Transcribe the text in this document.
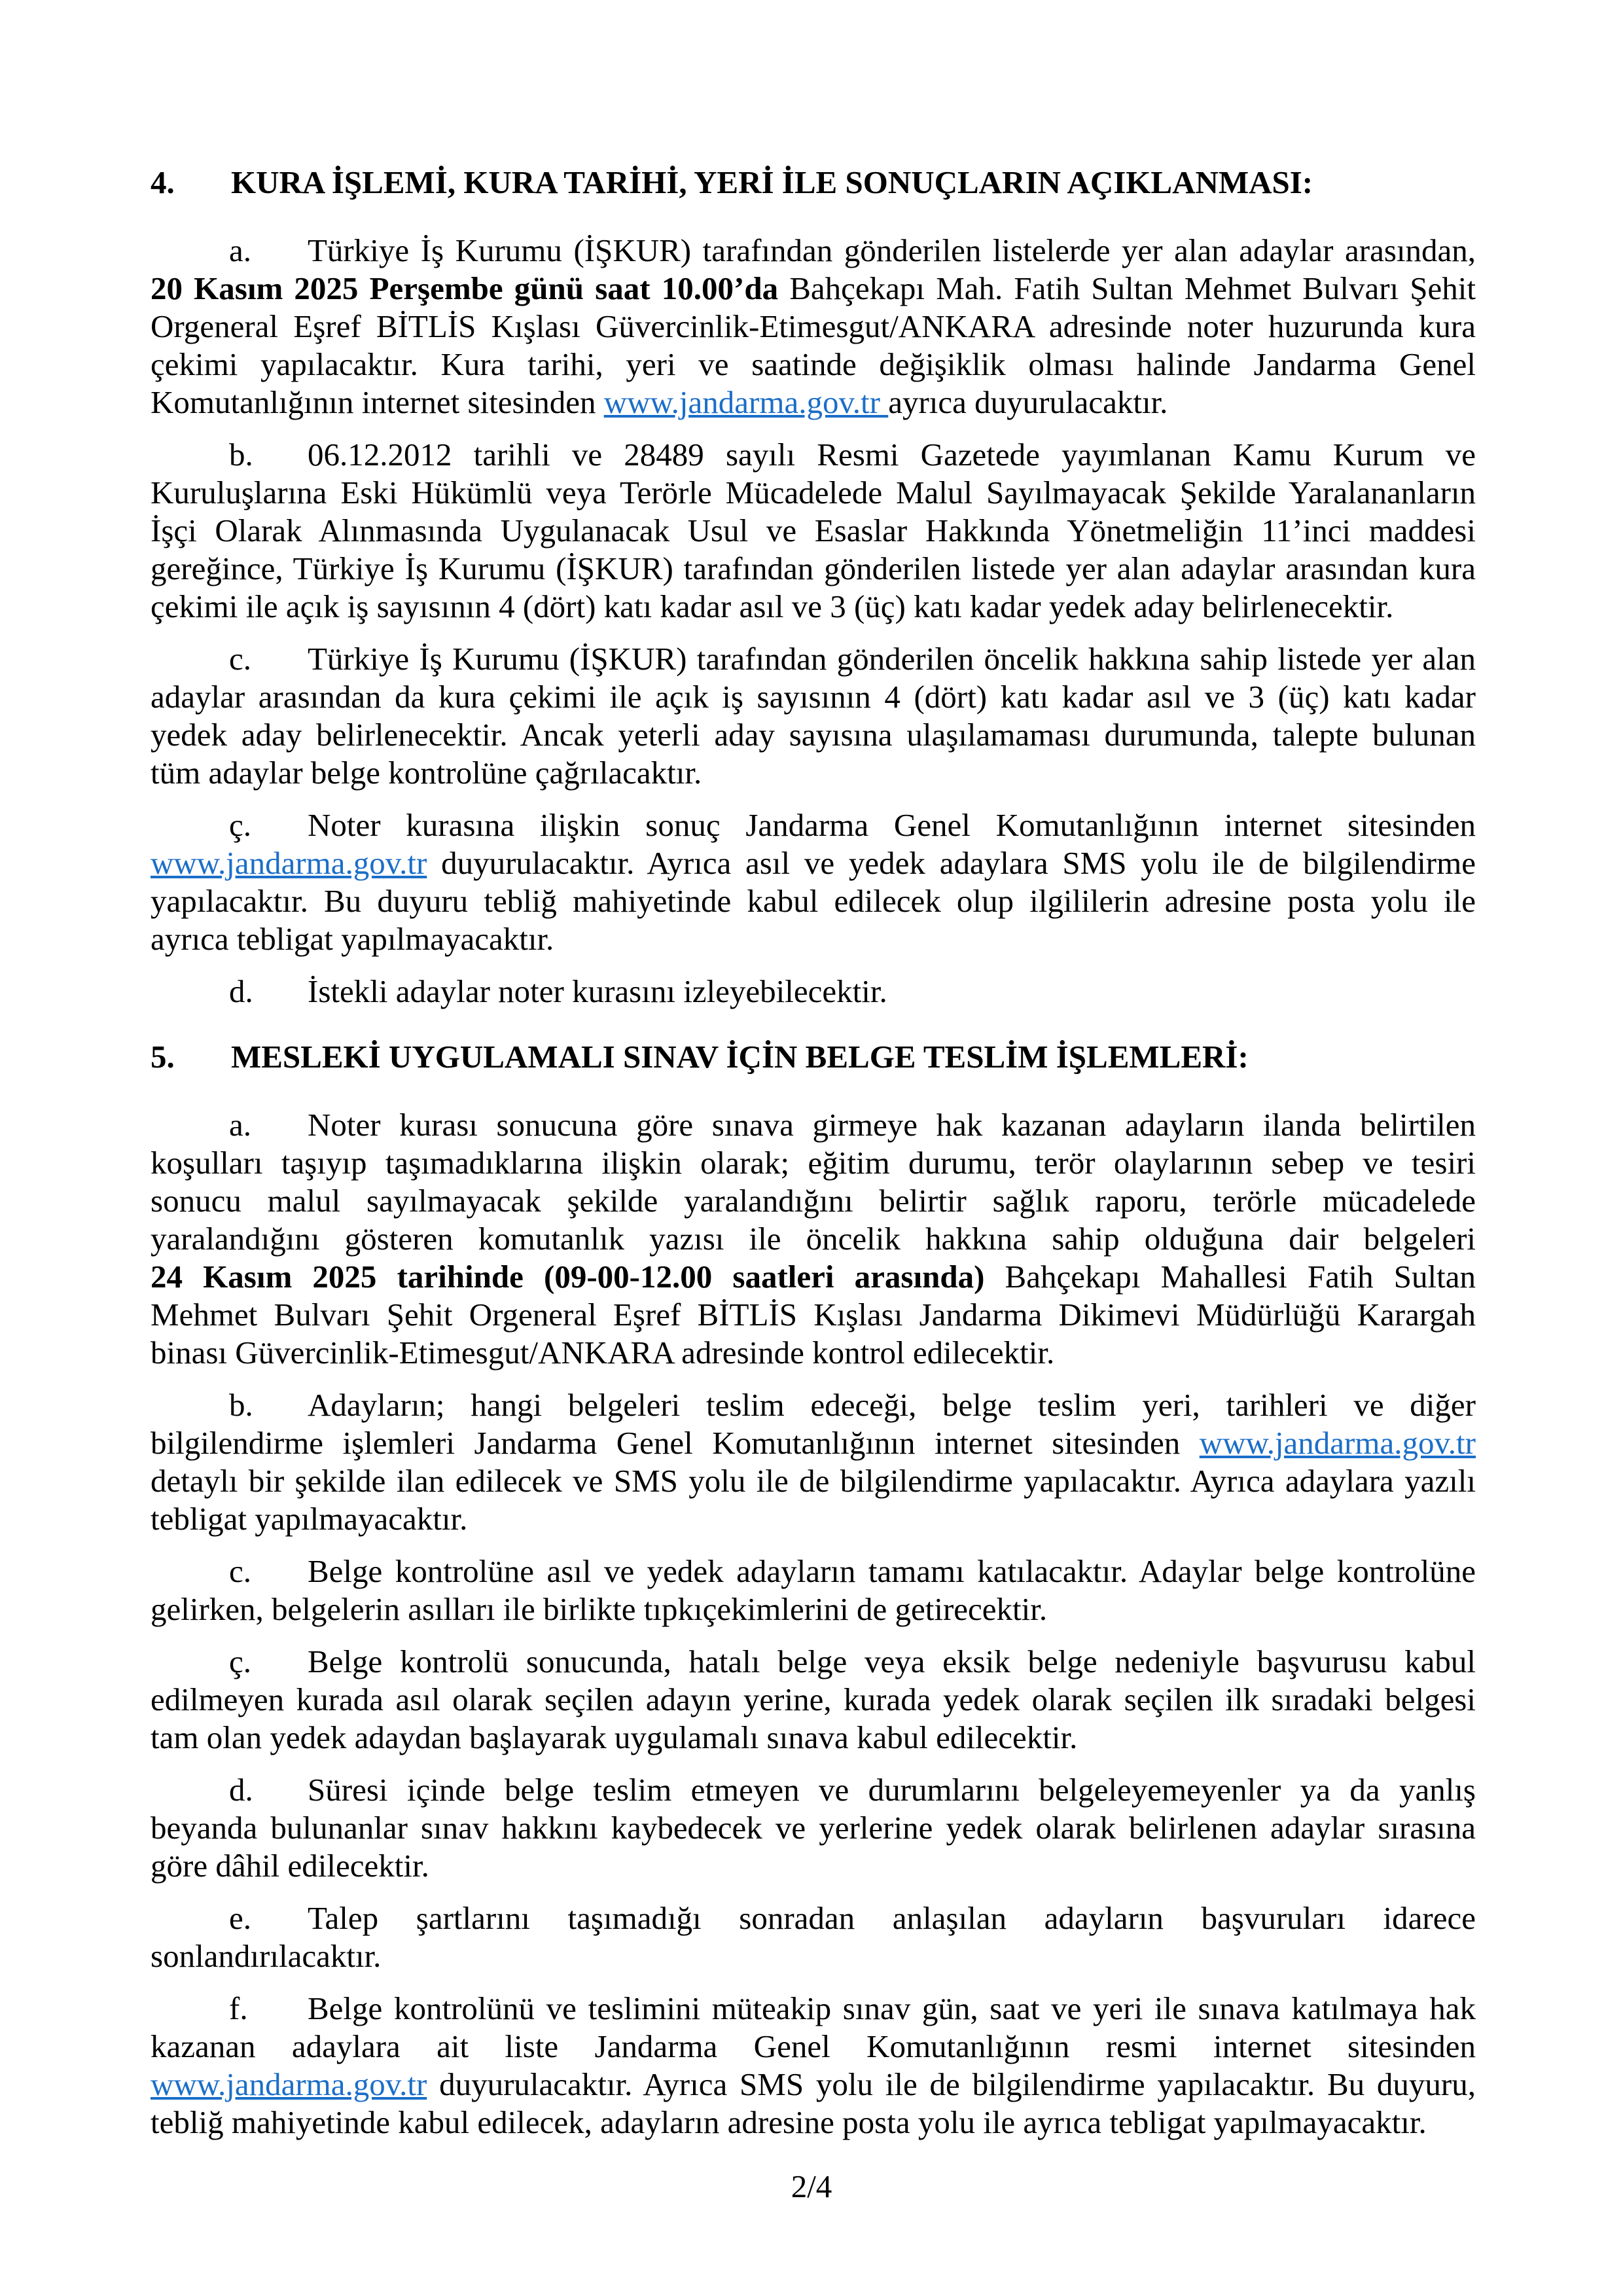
4. KURA İŞLEMİ, KURA TARİHİ, YERİ İLE SONUÇLARIN AÇIKLANMASI:
a. Türkiye İş Kurumu (İŞKUR) tarafından gönderilen listelerde yer alan adaylar arasından,
20 Kasım 2025 Perşembe günü saat 10.00’da Bahçekapı Mah. Fatih Sultan Mehmet Bulvarı Şehit
Orgeneral Eşref BİTLİS Kışlası Güvercinlik-Etimesgut/ANKARA adresinde noter huzurunda kura
çekimi yapılacaktır. Kura tarihi, yeri ve saatinde değişiklik olması halinde Jandarma Genel
Komutanlığının internet sitesinden www.jandarma.gov.tr ayrıca duyurulacaktır.
b. 06.12.2012 tarihli ve 28489 sayılı Resmi Gazetede yayımlanan Kamu Kurum ve
Kuruluşlarına Eski Hükümlü veya Terörle Mücadelede Malul Sayılmayacak Şekilde Yaralananların
İşçi Olarak Alınmasında Uygulanacak Usul ve Esaslar Hakkında Yönetmeliğin 11’inci maddesi
gereğince, Türkiye İş Kurumu (İŞKUR) tarafından gönderilen listede yer alan adaylar arasından kura
çekimi ile açık iş sayısının 4 (dört) katı kadar asıl ve 3 (üç) katı kadar yedek aday belirlenecektir.
c. Türkiye İş Kurumu (İŞKUR) tarafından gönderilen öncelik hakkına sahip listede yer alan
adaylar arasından da kura çekimi ile açık iş sayısının 4 (dört) katı kadar asıl ve 3 (üç) katı kadar
yedek aday belirlenecektir. Ancak yeterli aday sayısına ulaşılamaması durumunda, talepte bulunan
tüm adaylar belge kontrolüne çağrılacaktır.
ç. Noter kurasına ilişkin sonuç Jandarma Genel Komutanlığının internet sitesinden
www.jandarma.gov.tr duyurulacaktır. Ayrıca asıl ve yedek adaylara SMS yolu ile de bilgilendirme
yapılacaktır. Bu duyuru tebliğ mahiyetinde kabul edilecek olup ilgililerin adresine posta yolu ile
ayrıca tebligat yapılmayacaktır.
d. İstekli adaylar noter kurasını izleyebilecektir.
5. MESLEKİ UYGULAMALI SINAV İÇİN BELGE TESLİM İŞLEMLERİ:
a. Noter kurası sonucuna göre sınava girmeye hak kazanan adayların ilanda belirtilen
koşulları taşıyıp taşımadıklarına ilişkin olarak; eğitim durumu, terör olaylarının sebep ve tesiri
sonucu malul sayılmayacak şekilde yaralandığını belirtir sağlık raporu, terörle mücadelede
yaralandığını gösteren komutanlık yazısı ile öncelik hakkına sahip olduğuna dair belgeleri
24 Kasım 2025 tarihinde (09-00-12.00 saatleri arasında) Bahçekapı Mahallesi Fatih Sultan
Mehmet Bulvarı Şehit Orgeneral Eşref BİTLİS Kışlası Jandarma Dikimevi Müdürlüğü Karargah
binası Güvercinlik-Etimesgut/ANKARA adresinde kontrol edilecektir.
b. Adayların; hangi belgeleri teslim edeceği, belge teslim yeri, tarihleri ve diğer
bilgilendirme işlemleri Jandarma Genel Komutanlığının internet sitesinden www.jandarma.gov.tr
detaylı bir şekilde ilan edilecek ve SMS yolu ile de bilgilendirme yapılacaktır. Ayrıca adaylara yazılı
tebligat yapılmayacaktır.
c. Belge kontrolüne asıl ve yedek adayların tamamı katılacaktır. Adaylar belge kontrolüne
gelirken, belgelerin asılları ile birlikte tıpkıçekimlerini de getirecektir.
ç. Belge kontrolü sonucunda, hatalı belge veya eksik belge nedeniyle başvurusu kabul
edilmeyen kurada asıl olarak seçilen adayın yerine, kurada yedek olarak seçilen ilk sıradaki belgesi
tam olan yedek adaydan başlayarak uygulamalı sınava kabul edilecektir.
d. Süresi içinde belge teslim etmeyen ve durumlarını belgeleyemeyenler ya da yanlış
beyanda bulunanlar sınav hakkını kaybedecek ve yerlerine yedek olarak belirlenen adaylar sırasına
göre dâhil edilecektir.
e. Talep şartlarını taşımadığı sonradan anlaşılan adayların başvuruları idarece
sonlandırılacaktır.
f. Belge kontrolünü ve teslimini müteakip sınav gün, saat ve yeri ile sınava katılmaya hak
kazanan adaylara ait liste Jandarma Genel Komutanlığının resmi internet sitesinden
www.jandarma.gov.tr duyurulacaktır. Ayrıca SMS yolu ile de bilgilendirme yapılacaktır. Bu duyuru,
tebliğ mahiyetinde kabul edilecek, adayların adresine posta yolu ile ayrıca tebligat yapılmayacaktır.
2/4
